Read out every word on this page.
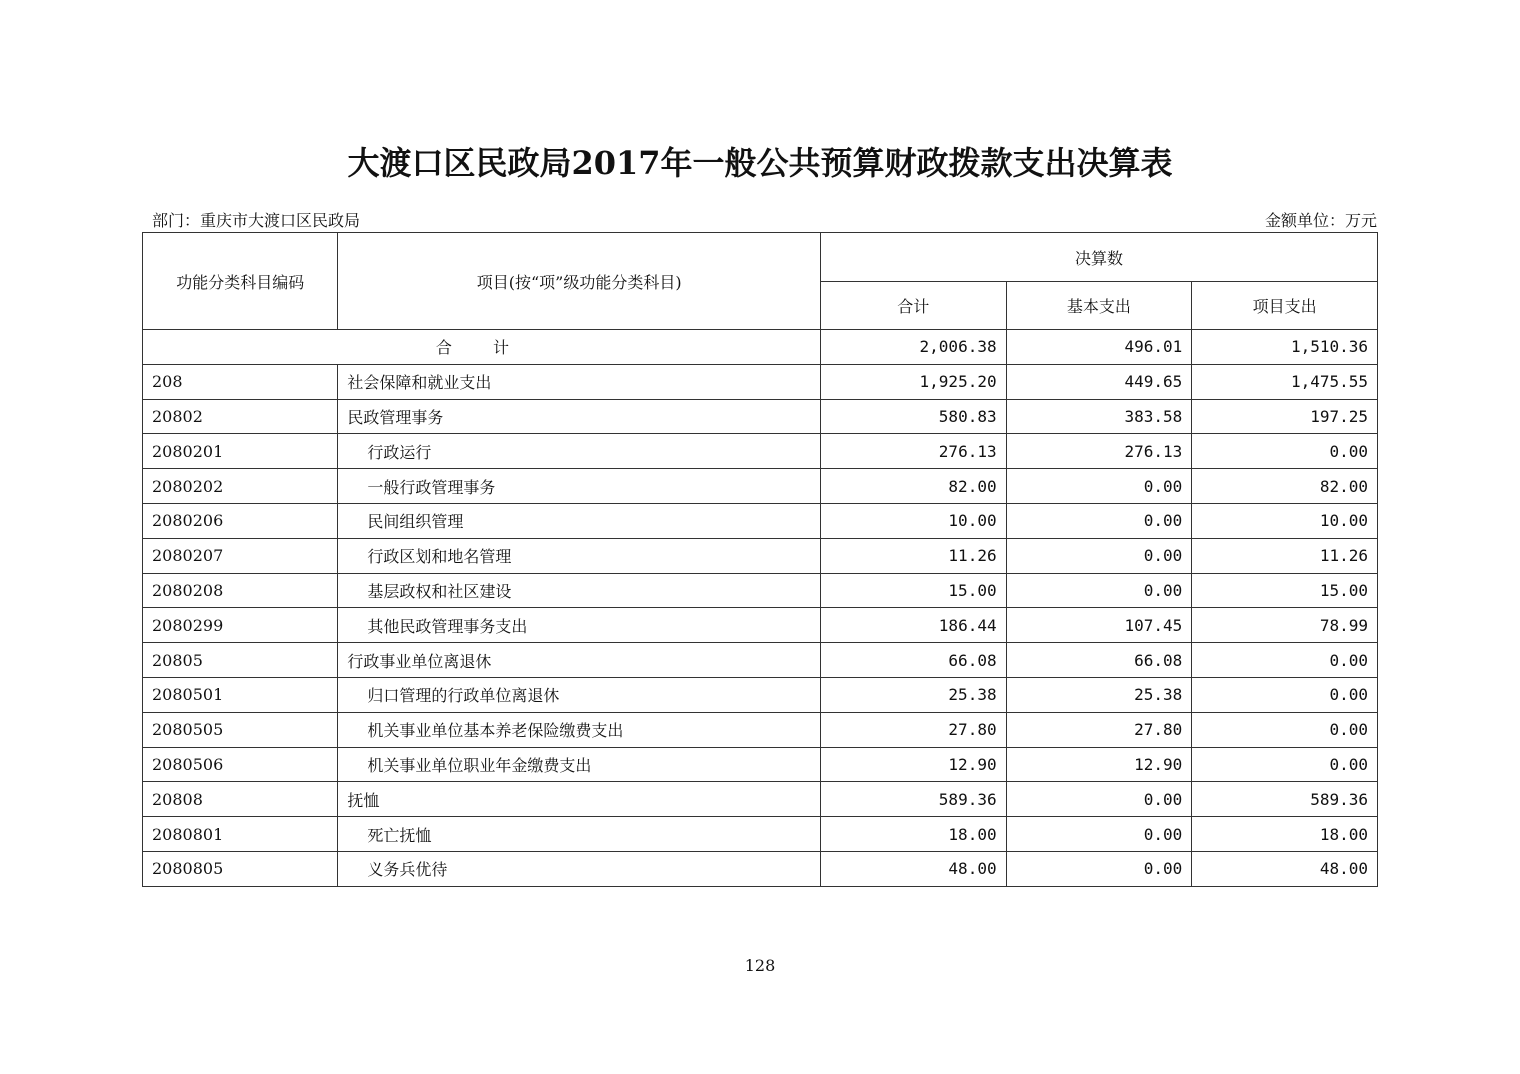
大渡口区民政局2017年一般公共预算财政拨款支出决算表
部门：重庆市大渡口区民政局	金额单位：万元
功能分类科目编码	项目(按“项”级功能分类科目)	决算数		
		合计	基本支出	项目支出
合 计		2,006.38	496.01	1,510.36
208	社会保障和就业支出	1,925.20	449.65	1,475.55
20802	民政管理事务	580.83	383.58	197.25
2080201	行政运行	276.13	276.13	0.00
2080202	一般行政管理事务	82.00	0.00	82.00
2080206	民间组织管理	10.00	0.00	10.00
2080207	行政区划和地名管理	11.26	0.00	11.26
2080208	基层政权和社区建设	15.00	0.00	15.00
2080299	其他民政管理事务支出	186.44	107.45	78.99
20805	行政事业单位离退休	66.08	66.08	0.00
2080501	归口管理的行政单位离退休	25.38	25.38	0.00
2080505	机关事业单位基本养老保险缴费支出	27.80	27.80	0.00
2080506	机关事业单位职业年金缴费支出	12.90	12.90	0.00
20808	抚恤	589.36	0.00	589.36
2080801	死亡抚恤	18.00	0.00	18.00
2080805	义务兵优待	48.00	0.00	48.00
128
